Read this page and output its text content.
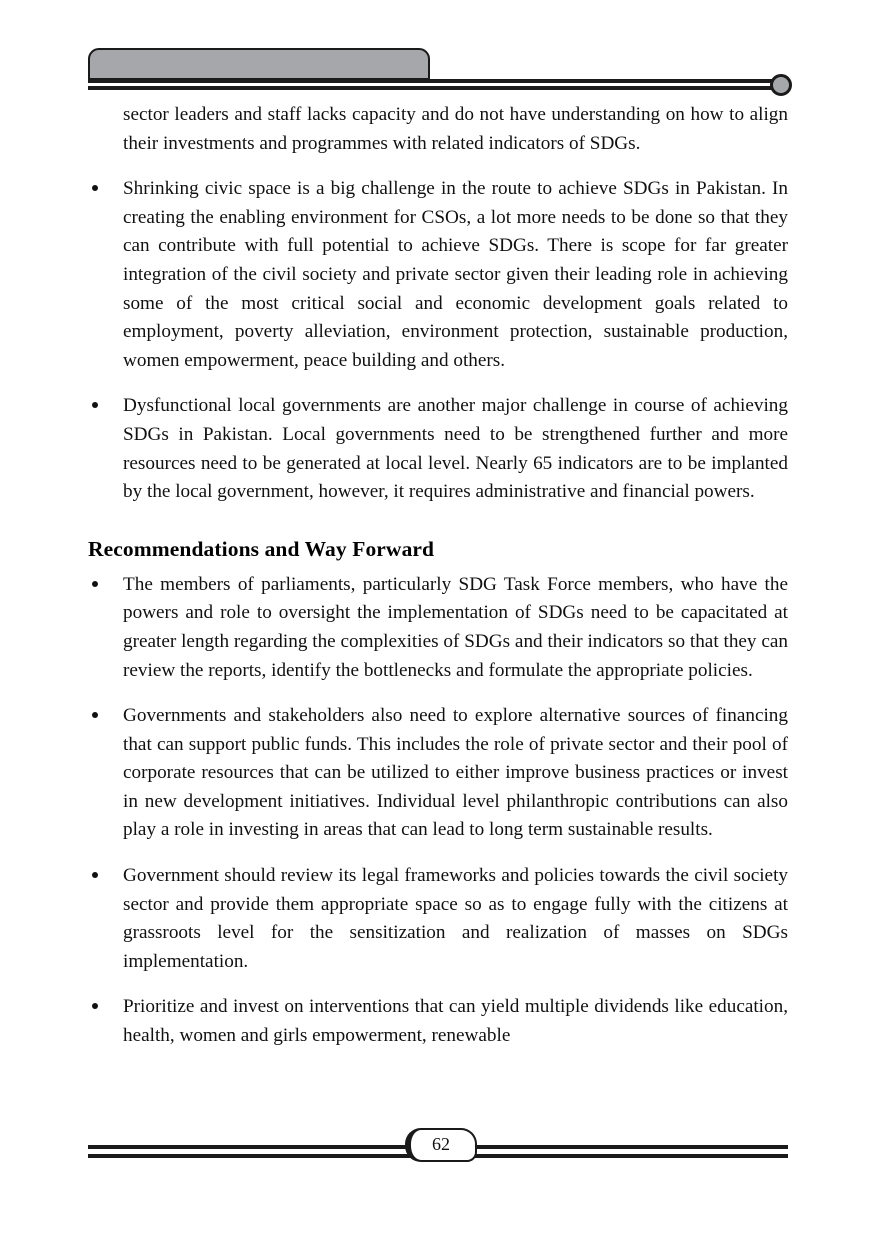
sector leaders and staff lacks capacity and do not have understanding on how to align their investments and programmes with related indicators of SDGs.

Shrinking civic space is a big challenge in the route to achieve SDGs in Pakistan. In creating the enabling environment for CSOs, a lot more needs to be done so that they can contribute with full potential to achieve SDGs. There is scope for far greater integration of the civil society and private sector given their leading role in achieving some of the most critical social and economic development goals related to employment, poverty alleviation, environment protection, sustainable production, women empowerment, peace building and others.

Dysfunctional local governments are another major challenge in course of achieving SDGs in Pakistan. Local governments need to be strengthened further and more resources need to be generated at local level. Nearly 65 indicators are to be implanted by the local government, however, it requires administrative and financial powers.

Recommendations and Way Forward

The members of parliaments, particularly SDG Task Force members, who have the powers and role to oversight the implementation of SDGs need to be capacitated at greater length regarding the complexities of SDGs and their indicators so that they can review the reports, identify the bottlenecks and formulate the appropriate policies.

Governments and stakeholders also need to explore alternative sources of financing that can support public funds. This includes the role of private sector and their pool of corporate resources that can be utilized to either improve business practices or invest in new development initiatives. Individual level philanthropic contributions can also play a role in investing in areas that can lead to long term sustainable results.

Government should review its legal frameworks and policies towards the civil society sector and provide them appropriate space so as to engage fully with the citizens at grassroots level for the sensitization and realization of masses on SDGs implementation.

Prioritize and invest on interventions that can yield multiple dividends like education, health, women and girls empowerment, renewable

62
